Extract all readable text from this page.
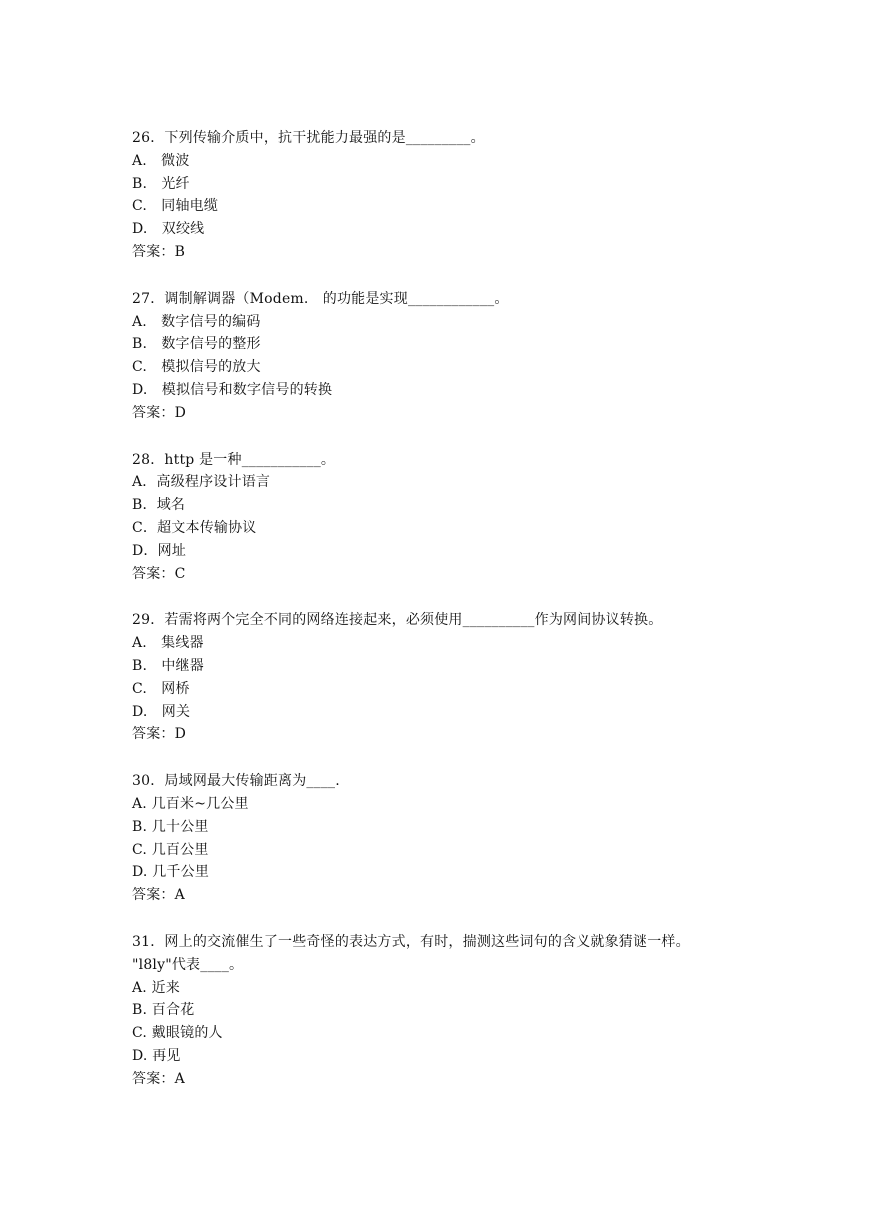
26．下列传输介质中，抗干扰能力最强的是_________。
A.　微波
B.　光纤
C.　同轴电缆
D.　双绞线
答案：B
27．调制解调器（Modem.　的功能是实现____________。
A.　数字信号的编码
B.　数字信号的整形
C.　模拟信号的放大
D.　模拟信号和数字信号的转换
答案：D
28．http 是一种___________。
A．高级程序设计语言
B．域名
C．超文本传输协议
D．网址
答案：C
29．若需将两个完全不同的网络连接起来，必须使用__________作为网间协议转换。
A.　集线器
B.　中继器
C.　网桥
D.　网关
答案：D
30．局域网最大传输距离为____.
A. 几百米~几公里
B. 几十公里
C. 几百公里
D. 几千公里
答案：A
31．网上的交流催生了一些奇怪的表达方式，有时，揣测这些词句的含义就象猜谜一样。
"l8ly"代表____。
A. 近来
B. 百合花
C. 戴眼镜的人
D. 再见
答案：A
